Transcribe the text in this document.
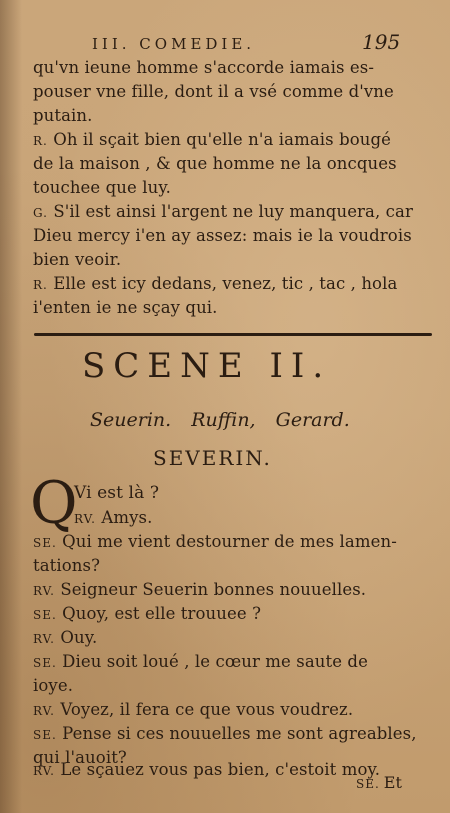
III. COMEDIE.	195
qu'vn ieune homme s'accorde iamais es-
pouser vne fille, dont il a vsé comme d'vne
putain.
R. Oh il sçait bien qu'elle n'a iamais bougé
de la maison , & que homme ne la oncques
touchee que luy.
G. S'il est ainsi l'argent ne luy manquera, car
Dieu mercy i'en ay assez: mais ie la voudrois
bien veoir.
R. Elle est icy dedans, venez, tic , tac , hola
i'enten ie ne sçay qui.
Vi est là ?
RV. Amys.
SE. Qui me vient destourner de mes lamen-
tations?
RV. Seigneur Seuerin bonnes nouuelles.
SE. Quoy, est elle trouuee ?
RV. Ouy.
SE. Dieu soit loué , le cœur me saute de
ioye.
RV. Voyez, il fera ce que vous voudrez.
SE. Pense si ces nouuelles me sont agreables,
qui l'auoit?
RV. Le sçauez vous pas bien, c'estoit moy.
SCENE II.
Seuerin. Ruffin, Gerard.
SEVERIN.
Q
SE. Et
